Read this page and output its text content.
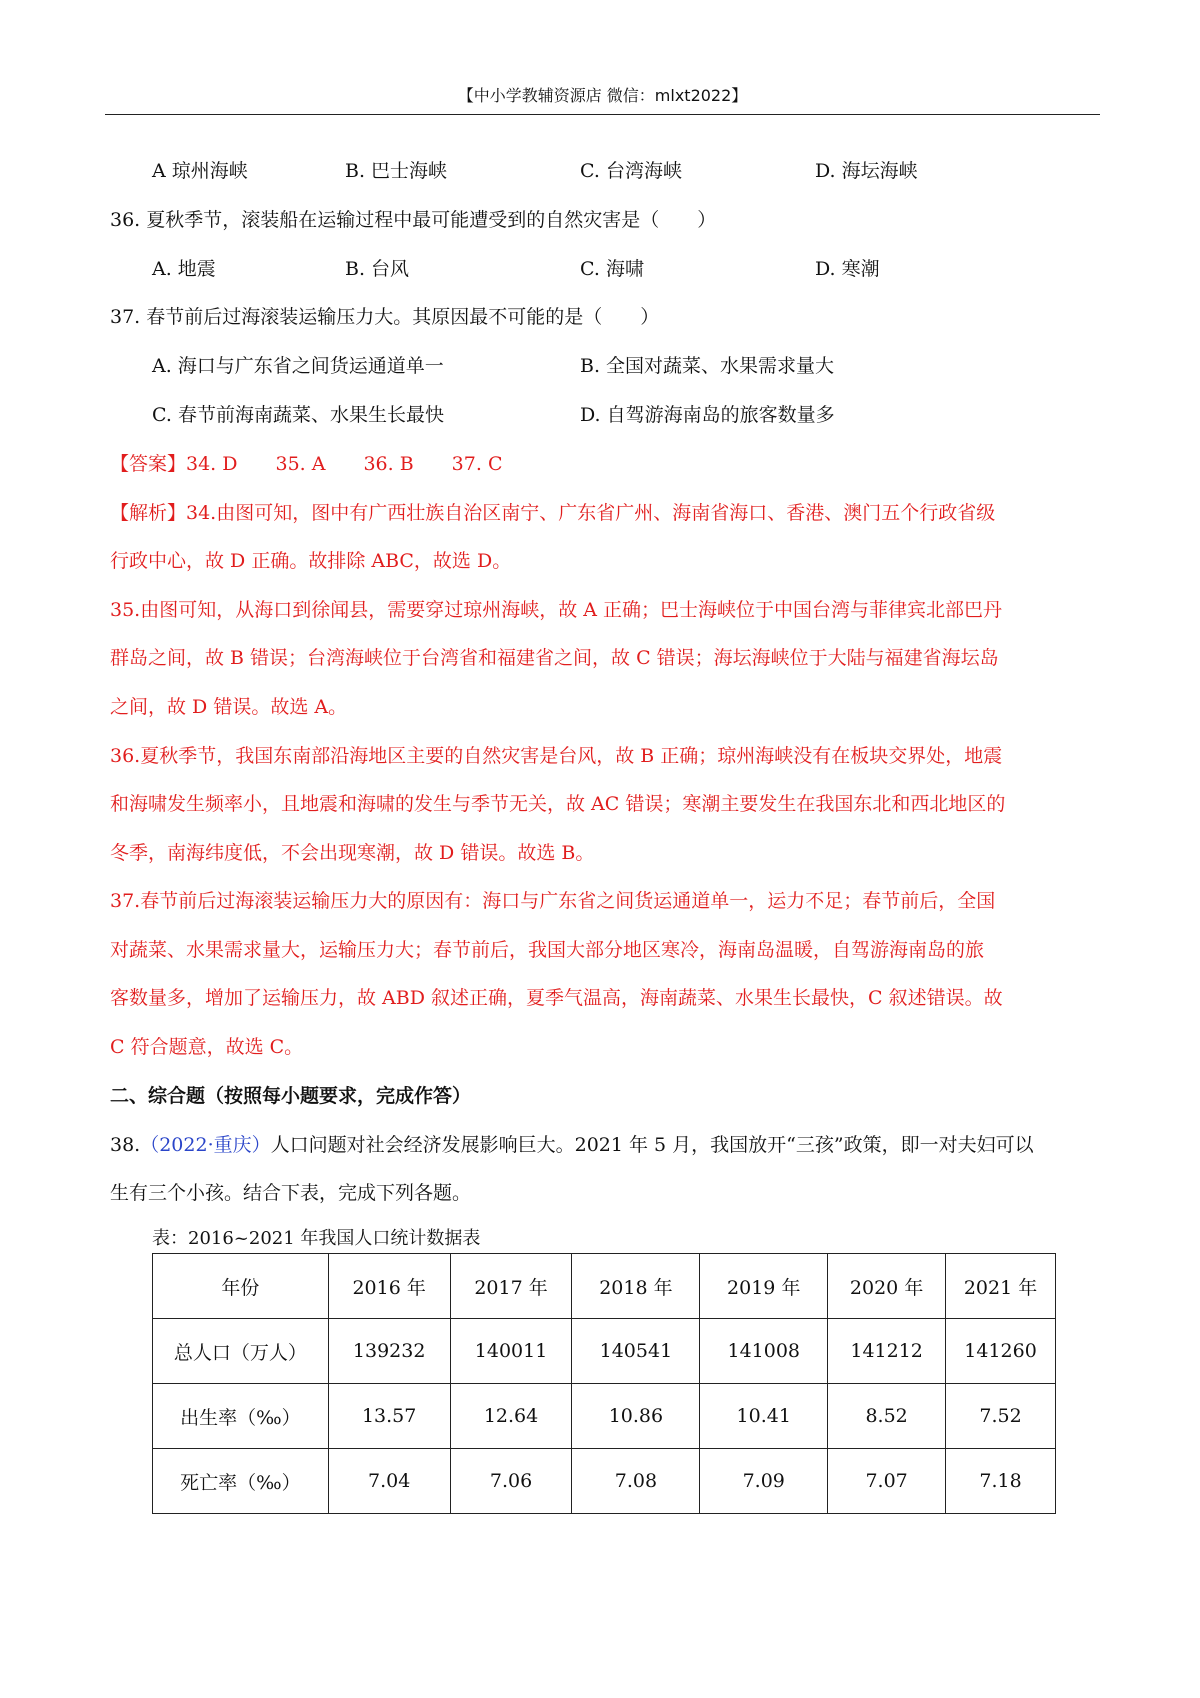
【中小学教辅资源店 微信：mlxt2022】
A 琼州海峡	B. 巴士海峡	C. 台湾海峡	D. 海坛海峡
36. 夏秋季节，滚装船在运输过程中最可能遭受到的自然灾害是（　　）
A. 地震	B. 台风	C. 海啸	D. 寒潮
37. 春节前后过海滚装运输压力大。其原因最不可能的是（　　）
A. 海口与广东省之间货运通道单一	B. 全国对蔬菜、水果需求量大
C. 春节前海南蔬菜、水果生长最快	D. 自驾游海南岛的旅客数量多
【答案】34. D　　35. A　　36. B　　37. C
【解析】34.由图可知，图中有广西壮族自治区南宁、广东省广州、海南省海口、香港、澳门五个行政省级
行政中心，故 D 正确。故排除 ABC，故选 D。
35.由图可知，从海口到徐闻县，需要穿过琼州海峡，故 A 正确；巴士海峡位于中国台湾与菲律宾北部巴丹
群岛之间，故 B 错误；台湾海峡位于台湾省和福建省之间，故 C 错误；海坛海峡位于大陆与福建省海坛岛
之间，故 D 错误。故选 A。
36.夏秋季节，我国东南部沿海地区主要的自然灾害是台风，故 B 正确；琼州海峡没有在板块交界处，地震
和海啸发生频率小，且地震和海啸的发生与季节无关，故 AC 错误；寒潮主要发生在我国东北和西北地区的
冬季，南海纬度低，不会出现寒潮，故 D 错误。故选 B。
37.春节前后过海滚装运输压力大的原因有：海口与广东省之间货运通道单一，运力不足；春节前后，全国
对蔬菜、水果需求量大，运输压力大；春节前后，我国大部分地区寒冷，海南岛温暖，自驾游海南岛的旅
客数量多，增加了运输压力，故 ABD 叙述正确，夏季气温高，海南蔬菜、水果生长最快，C 叙述错误。故
C 符合题意，故选 C。
二、综合题（按照每小题要求，完成作答）
38.（2022·重庆）人口问题对社会经济发展影响巨大。2021 年 5 月，我国放开“三孩”政策，即一对夫妇可以
生有三个小孩。结合下表，完成下列各题。
表：2016~2021 年我国人口统计数据表
年份	2016 年	2017 年	2018 年	2019 年	2020 年	2021 年
总人口（万人）	139232	140011	140541	141008	141212	141260
出生率（‰）	13.57	12.64	10.86	10.41	8.52	7.52
死亡率（‰）	7.04	7.06	7.08	7.09	7.07	7.18
